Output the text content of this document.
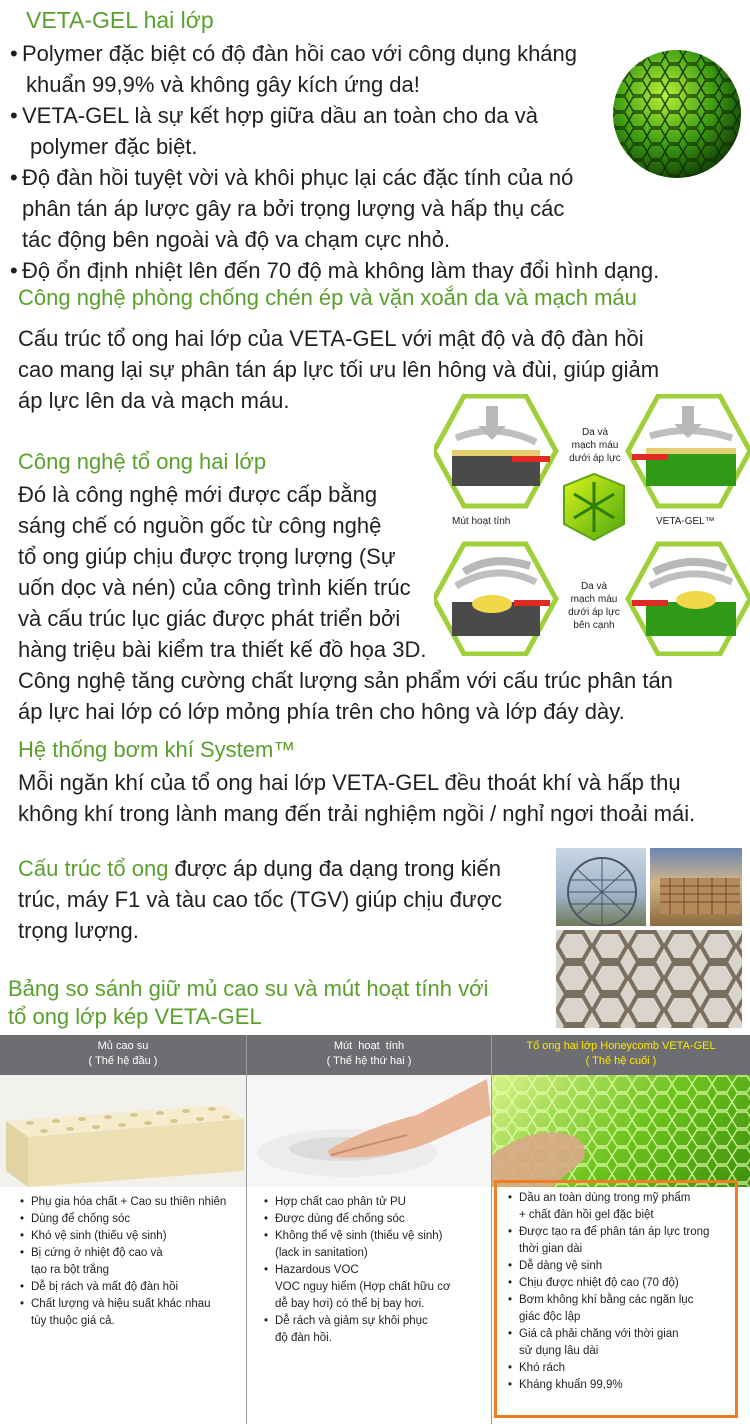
VETA-GEL hai lớp
• Polymer đặc biệt có độ đàn hồi cao với công dụng kháng
khuẩn 99,9% và không gây kích ứng da!
• VETA-GEL là sự kết hợp giữa dầu an toàn cho da và
polymer đặc biệt.
• Độ đàn hồi tuyệt vời và khôi phục lại các đặc tính của nó
phân tán áp lược gây ra bởi trọng lượng và hấp thụ các
tác động bên ngoài và độ va chạm cực nhỏ.
• Độ ổn định nhiệt lên đến 70 độ mà không làm thay đổi hình dạng.
Công nghệ phòng chống chén ép và vặn xoắn da và mạch máu
Cấu trúc tổ ong hai lớp của VETA-GEL với mật độ và độ đàn hồi
cao mang lại sự phân tán áp lực tối ưu lên hông và đùi, giúp giảm
áp lực lên da và mạch máu.
Da và
mạch máu
dưới áp lực
Mút hoạt tính	VETA-GEL™
Da và
mạch máu
dưới áp lực
bên cạnh
Công nghệ tổ ong hai lớp
Đó là công nghệ mới được cấp bằng
sáng chế có nguồn gốc từ công nghệ
tổ ong giúp chịu được trọng lượng (Sự
uốn dọc và nén) của công trình kiến trúc
và cấu trúc lục giác được phát triển bởi
hàng triệu bài kiểm tra thiết kế đồ họa 3D.
Công nghệ tăng cường chất lượng sản phẩm với cấu trúc phân tán
áp lực hai lớp có lớp mỏng phía trên cho hông và lớp đáy dày.
Hệ thống bơm khí System™
Mỗi ngăn khí của tổ ong hai lớp VETA-GEL đều thoát khí và hấp thụ
không khí trong lành mang đến trải nghiệm ngồi / nghỉ ngơi thoải mái.
Cấu trúc tổ ong được áp dụng đa dạng trong kiến
trúc, máy F1 và tàu cao tốc (TGV) giúp chịu được
trọng lượng.
Bảng so sánh giữ mủ cao su và mút hoạt tính với
tổ ong lớp kép VETA-GEL
Mủ cao su
( Thế hệ đầu )
Mút  hoạt  tính
( Thế hệ thứ hai )
Tổ ong hai lớp Honeycomb VETA-GEL
( Thế hệ cuối )
• Phụ gia hóa chất + Cao su thiên nhiên
• Dùng để chống sóc
• Khó vệ sinh (thiếu vệ sinh)
• Bị cứng ở nhiệt độ cao và
tạo ra bột trắng
• Dễ bị rách và mất độ đàn hồi
• Chất lượng và hiệu suất khác nhau
tùy thuộc giá cả.
• Hợp chất cao phân tử PU
• Được dùng để chống sóc
• Không thể vệ sinh (thiếu vệ sinh)
(lack in sanitation)
• Hazardous VOC
VOC nguy hiểm (Hợp chất hữu cơ
dễ bay hơi) có thể bị bay hơi.
• Dễ rách và giảm sự khôi phục
độ đàn hồi.
• Dầu an toàn dùng trong mỹ phẩm
+ chất đàn hồi gel đặc biệt
• Được tạo ra để phân tán áp lực trong
thời gian dài
• Dễ dàng vệ sinh
• Chịu được nhiệt độ cao (70 độ)
• Bơm không khí bằng các ngăn lục
giác độc lập
• Giá cả phải chăng với thời gian
sử dụng lâu dài
• Khó rách
• Kháng khuẩn 99,9%
